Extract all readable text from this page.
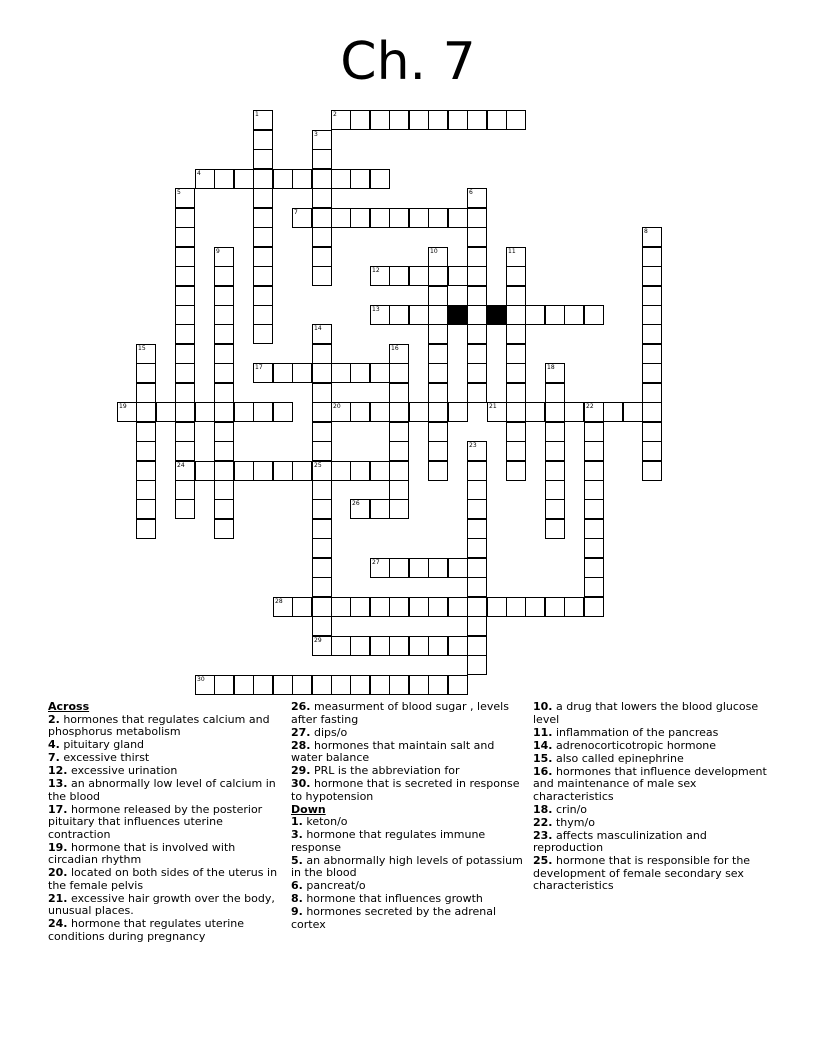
Ch. 7
2
4
7
12
13
17
19	20	21	22
24	25
26
27
28
29
30
1
3
5	6
8
9	10	11
14
15	16
18
23
Across
2. hormones that regulates calcium and phosphorus metabolism
4. pituitary gland
7. excessive thirst
12. excessive urination
13. an abnormally low level of calcium in the blood
17. hormone released by the posterior pituitary that influences uterine contraction
19. hormone that is involved with circadian rhythm
20. located on both sides of the uterus in the female pelvis
21. excessive hair growth over the body, unusual places.
24. hormone that regulates uterine conditions during pregnancy
26. measurment of blood sugar , levels after fasting
27. dips/o
28. hormones that maintain salt and water balance
29. PRL is the abbreviation for
30. hormone that is secreted in response to hypotension
Down
1. keton/o
3. hormone that regulates immune response
5. an abnormally high levels of potassium in the blood
6. pancreat/o
8. hormone that influences growth
9. hormones secreted by the adrenal cortex
10. a drug that lowers the blood glucose level
11. inflammation of the pancreas
14. adrenocorticotropic hormone
15. also called epinephrine
16. hormones that influence development and maintenance of male sex characteristics
18. crin/o
22. thym/o
23. affects masculinization and reproduction
25. hormone that is responsible for the development of female secondary sex characteristics
